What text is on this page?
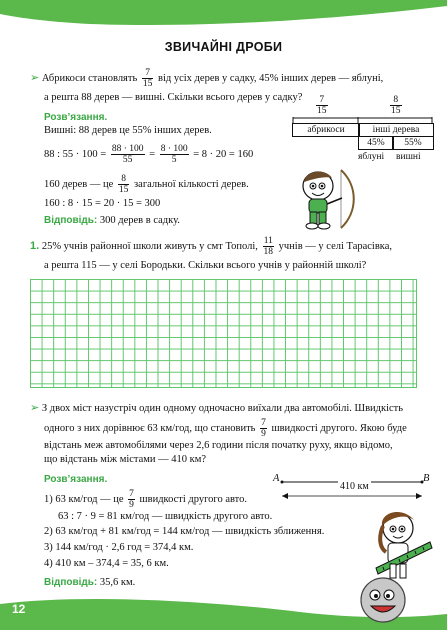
ЗВИЧАЙНІ ДРОБИ
➢ Абрикоси становлять $\frac{7}{15}$ від усіх дерев у садку, 45% інших дерев — яблуні,
а решта 88 дерев — вишні. Скільки всього дерев у садку?
Розв’язання.
Вишні: 88 дерев це 55% інших дерев.
88 : $55 \cdot 100 = \frac{88 \cdot 100}{55} = \frac{8 \cdot 100}{5} = 8 \cdot 20 = 160$
160 дерев — це $\frac{8}{15}$ загальної кількості дерев.
160 : 8 · 15 = 20 · 15 = 300
Відповідь: 300 дерев в садку.
$\frac{7}{15}$	$\frac{8}{15}$
абрикоси	інші дерева
45%	55%
яблуні вишні
1. 25% учнів районної школи живуть у смт Тополі, $\frac{11}{18}$ учнів — у селі Тарасівка,
а решта 115 — у селі Бородьки. Скільки всього учнів у районній школі?
➢ З двох міст назустріч один одному одночасно виїхали два автомобілі. Швидкість
одного з них дорівнює 63 км/год, що становить $\frac{7}{9}$ швидкості другого. Якою буде
відстань меж автомобілями через 2,6 години після початку руху, якщо відомо,
що відстань між містами — 410 км?
Розв’язання.
1) 63 км/год — це $\frac{7}{9}$ швидкості другого авто.
63 : 7 · 9 = 81 км/год — швидкість другого авто.
2) 63 км/год + 81 км/год = 144 км/год — швидкість зближення.
3) 144 км/год · 2,6 год = 374,4 км.
4) 410 км – 374,4 = 35, 6 км.
Відповідь: 35,6 км.
A	B
410 км
12
